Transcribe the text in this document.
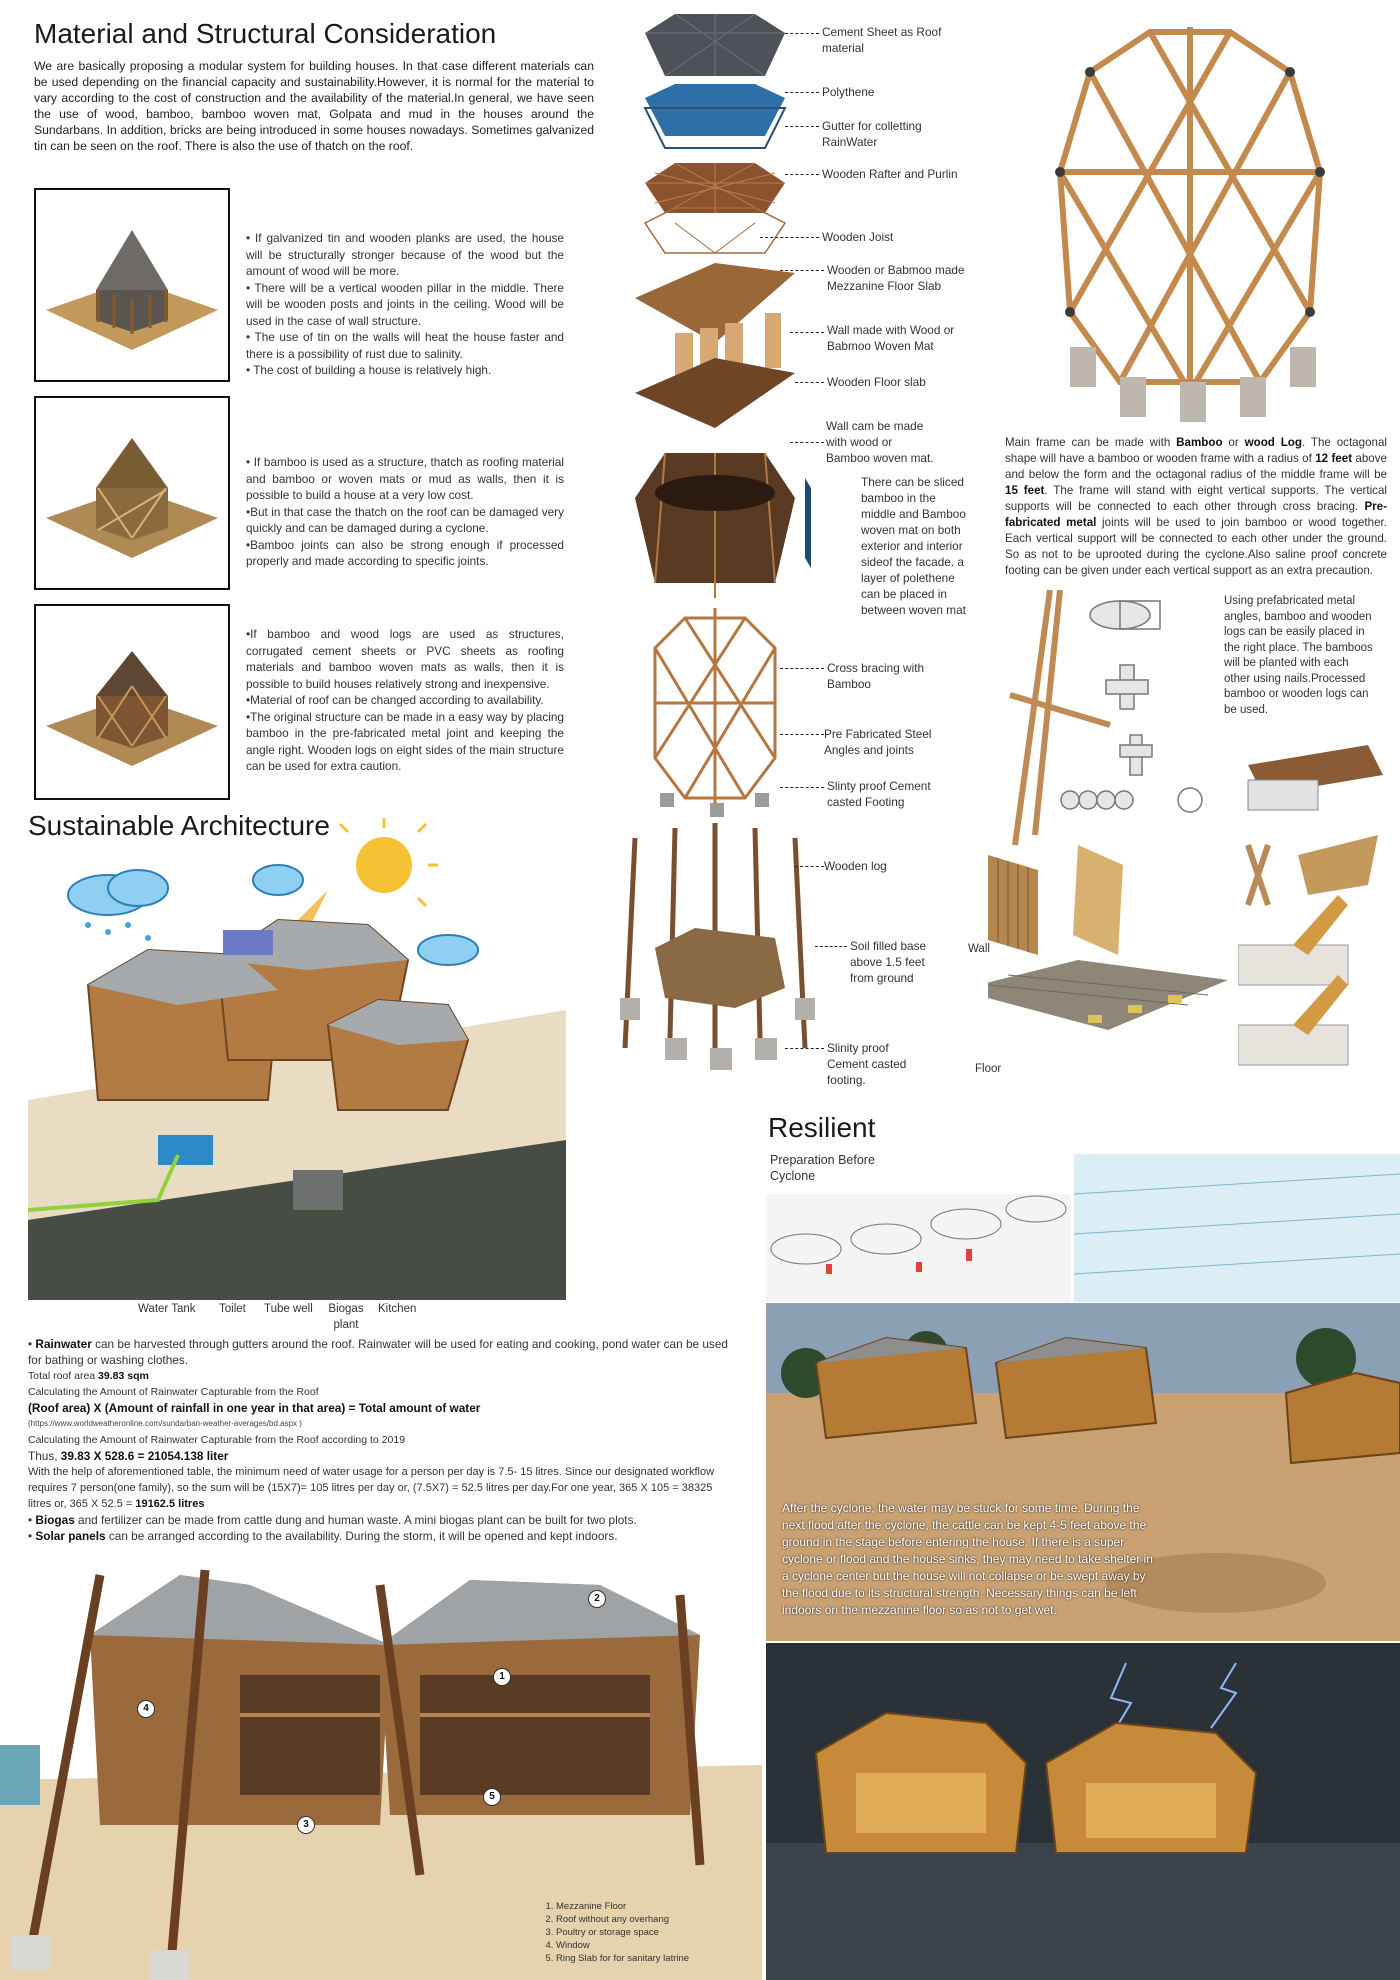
Material and Structural Consideration
We are basically proposing a modular system for building houses. In that case different materials can be used depending on the financial capacity and sustainability.However, it is normal for the material to vary according to the cost of construction and the availability of the material.In general, we have seen the use of wood, bamboo, bamboo woven mat, Golpata and mud in the houses around the Sundarbans. In addition, bricks are being introduced in some houses nowadays. Sometimes galvanized tin can be seen on the roof. There is also the use of thatch on the roof.

• If galvanized tin and wooden planks are used, the house will be structurally stronger because of the wood but the amount of wood will be more.

• There will be a vertical wooden pillar in the middle. There will be wooden posts and joints in the ceiling. Wood will be used in the case of wall structure.

• The use of tin on the walls will heat the house faster and there is a possibility of rust due to salinity.

• The cost of building a house is relatively high.

• If bamboo is used as a structure, thatch as roofing material and bamboo or woven mats or mud as walls, then it is possible to build a house at a very low cost.

•But in that case the thatch on the roof can be damaged very quickly and can be damaged during a cyclone.

•Bamboo joints can also be strong enough if processed properly and made according to specific joints.

•If bamboo and wood logs are used as structures, corrugated cement sheets or PVC sheets as roofing materials and bamboo woven mats as walls, then it is possible to build houses relatively strong and inexpensive.

•Material of roof can be changed according to availability.

•The original structure can be made in a easy way by placing bamboo in the pre-fabricated metal joint and keeping the angle right. Wooden logs on eight sides of the main structure can be used for extra caution.

Cement Sheet as Roof material
Polythene
Gutter for colletting RainWater
Wooden Rafter and Purlin
Wooden Joist
Wooden or Babmoo made Mezzanine Floor Slab
Wall made with Wood or Babmoo Woven Mat
Wooden Floor slab
Wall cam be made with wood or Bamboo woven mat.
There can be sliced bamboo in the middle and Bamboo woven mat on both exterior and interior sideof the facade. a layer of polethene can be placed in between woven mat
Cross bracing with Bamboo
Pre Fabricated Steel Angles and joints
Slinty proof Cement casted Footing
Wooden log
Soil filled base above 1.5 feet from ground
Slinity proof Cement casted footing.
Main frame can be made with Bamboo or wood Log. The octagonal shape will have a bamboo or wooden frame with a radius of 12 feet above and below the form and the octagonal radius of the middle frame will be 15 feet. The frame will stand with eight vertical supports. The vertical supports will be connected to each other through cross bracing. Pre-fabricated metal joints will be used to join bamboo or wood together. Each vertical support will be connected to each other under the ground. So as not to be uprooted during the cyclone.Also saline proof concrete footing can be given under each vertical support as an extra precaution.
Using prefabricated metal angles, bamboo and wooden logs can be easily placed in the right place. The bamboos will be planted with each other using nails.Processed bamboo or wooden logs can be used.
Wall
Floor
Sustainable Architecture
Water Tank Toilet Tube well Biogas plant
Kitchen
• Rainwater can be harvested through gutters around the roof. Rainwater will be used for eating and cooking, pond water can be used for bathing or washing clothes.
Total roof area 39.83 sqm
Calculating the Amount of Rainwater Capturable from the Roof
(Roof area) X (Amount of rainfall in one year in that area) = Total amount of water
(https://www.worldweatheronline.com/sundarban-weather-averages/bd.aspx )
Calculating the Amount of Rainwater Capturable from the Roof according to 2019
Thus, 39.83 X 528.6 = 21054.138 liter
With the help of aforementioned table, the minimum need of water usage for a person per day is 7.5- 15 litres. Since our designated workflow requires 7 person(one family), so the sum will be (15X7)= 105 litres per day or, (7.5X7) = 52.5 litres per day.For one year, 365 X 105 = 38325 litres or, 365 X 52.5 = 19162.5 litres
• Biogas and fertilizer can be made from cattle dung and human waste. A mini biogas plant can be built for two plots.
• Solar panels can be arranged according to the availability. During the storm, it will be opened and kept indoors.
1
2
3
4
5
1. Mezzanine Floor
2. Roof without any overhang
3. Poultry or storage space
4. Window
5. Ring Slab for for sanitary latrine
Resilient
Preparation Before Cyclone
After the cyclone, the water may be stuck for some time. During the next flood after the cyclone, the cattle can be kept 4-5 feet above the ground in the stage before entering the house. If there is a super cyclone or flood and the house sinks, they may need to take shelter in a cyclone center but the house will not collapse or be swept away by the flood due to its structural strength. Necessary things can be left indoors on the mezzanine floor so as not to get wet.
